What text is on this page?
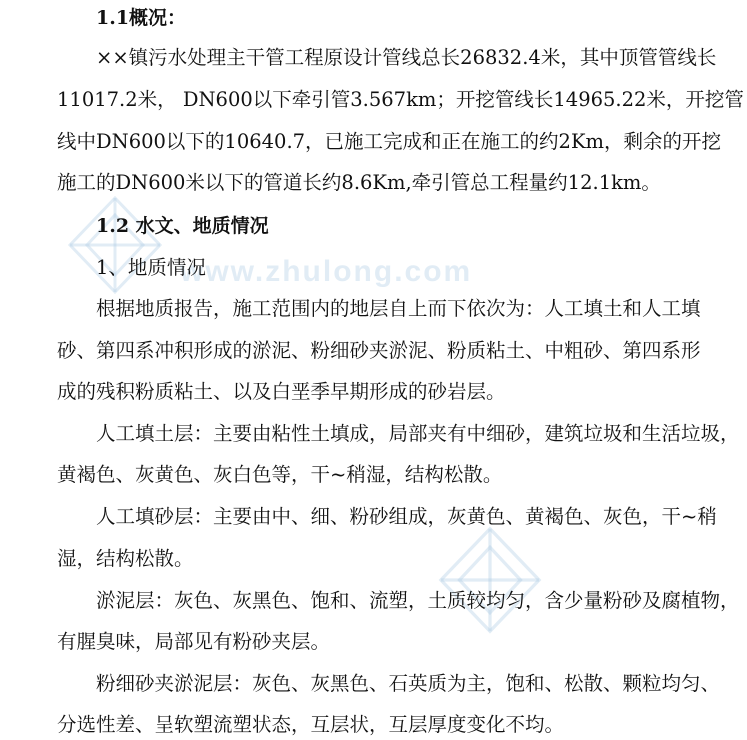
www.zhulong.com
1.1概况：
××镇污水处理主干管工程原设计管线总长26832.4米，其中顶管管线长
11017.2米， DN600以下牵引管3.567km；开挖管线长14965.22米，开挖管
线中DN600以下的10640.7，已施工完成和正在施工的约2Km，剩余的开挖
施工的DN600米以下的管道长约8.6Km,牵引管总工程量约12.1km。
1.2 水文、地质情况
1、地质情况
根据地质报告，施工范围内的地层自上而下依次为：人工填土和人工填
砂、第四系冲积形成的淤泥、粉细砂夹淤泥、粉质粘土、中粗砂、第四系形
成的残积粉质粘土、以及白垩季早期形成的砂岩层。
人工填土层：主要由粘性土填成，局部夹有中细砂，建筑垃圾和生活垃圾，
黄褐色、灰黄色、灰白色等，干~稍湿，结构松散。
人工填砂层：主要由中、细、粉砂组成，灰黄色、黄褐色、灰色，干~稍
湿，结构松散。
淤泥层：灰色、灰黑色、饱和、流塑，土质较均匀，含少量粉砂及腐植物，
有腥臭味，局部见有粉砂夹层。
粉细砂夹淤泥层：灰色、灰黑色、石英质为主，饱和、松散、颗粒均匀、
分选性差、呈软塑流塑状态，互层状，互层厚度变化不均。
